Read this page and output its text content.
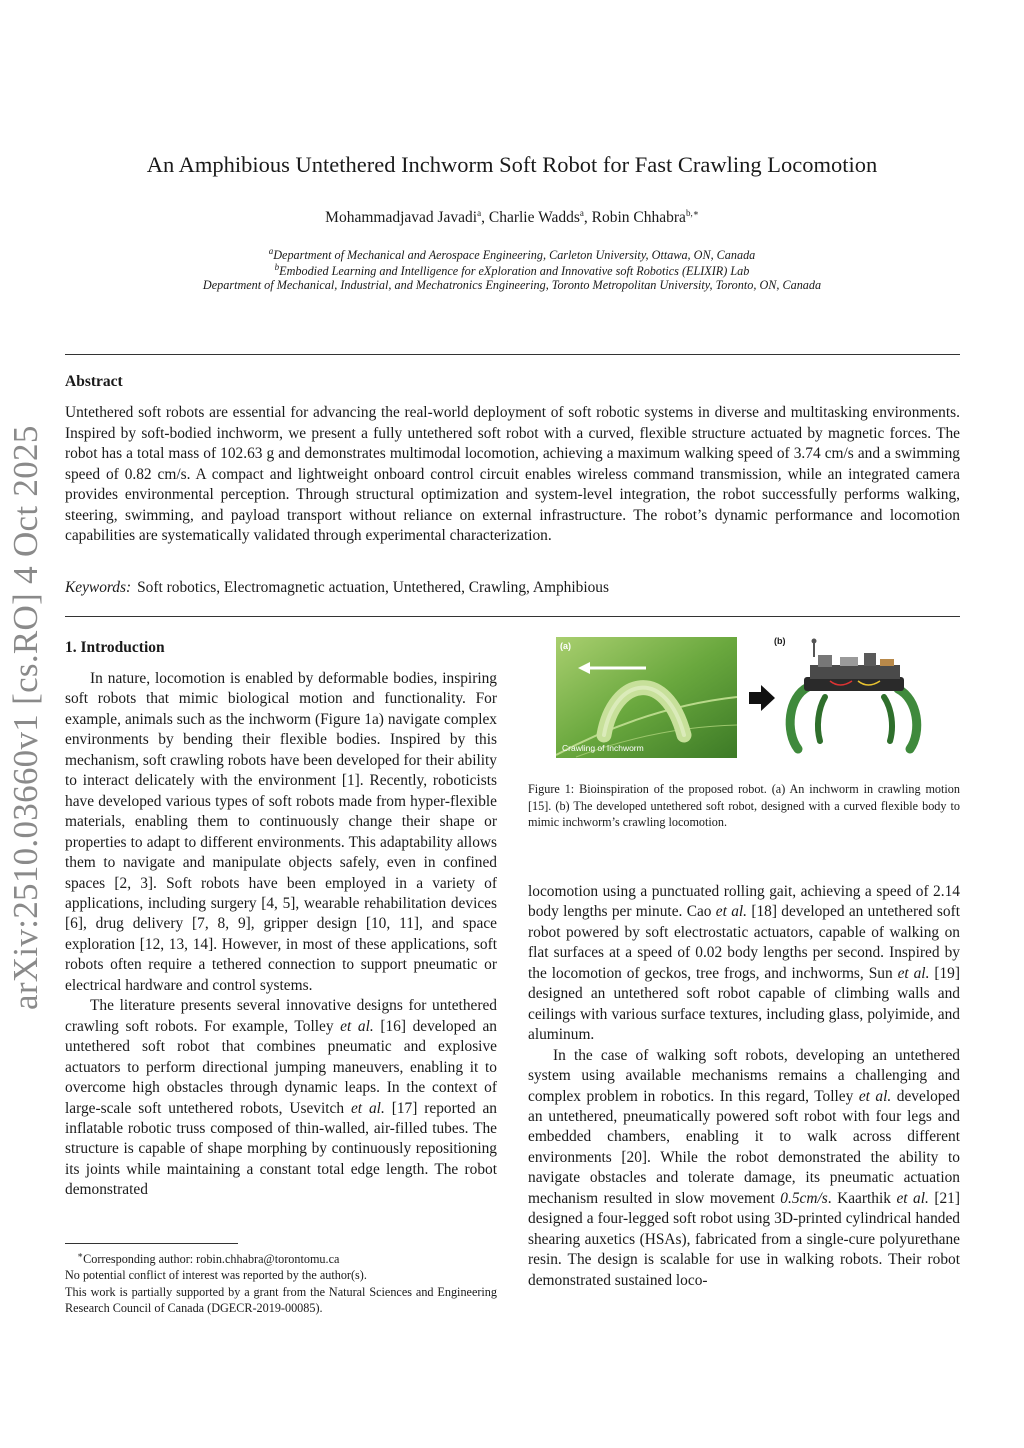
arXiv:2510.03660v1 [cs.RO] 4 Oct 2025
An Amphibious Untethered Inchworm Soft Robot for Fast Crawling Locomotion
Mohammadjavad Javadi$^a$, Charlie Wadds$^a$, Robin Chhabra$^{b,∗}$
$^a$Department of Mechanical and Aerospace Engineering, Carleton University, Ottawa, ON, Canada
$^b$Embodied Learning and Intelligence for eXploration and Innovative soft Robotics (ELIXIR) Lab
Department of Mechanical, Industrial, and Mechatronics Engineering, Toronto Metropolitan University, Toronto, ON, Canada
Abstract

Untethered soft robots are essential for advancing the real-world deployment of soft robotic systems in diverse and multitasking environments. Inspired by soft-bodied inchworm, we present a fully untethered soft robot with a curved, flexible structure actuated by magnetic forces. The robot has a total mass of 102.63 g and demonstrates multimodal locomotion, achieving a maximum walking speed of 3.74 cm/s and a swimming speed of 0.82 cm/s. A compact and lightweight onboard control circuit enables wireless command transmission, while an integrated camera provides environmental perception. Through structural optimization and system-level integration, the robot successfully performs walking, steering, swimming, and payload transport without reliance on external infrastructure. The robot’s dynamic performance and locomotion capabilities are systematically validated through experimental characterization.

Keywords: Soft robotics, Electromagnetic actuation, Untethered, Crawling, Amphibious
1. Introduction

In nature, locomotion is enabled by deformable bodies, inspiring soft robots that mimic biological motion and functionality. For example, animals such as the inchworm (Figure 1a) navigate complex environments by bending their flexible bodies. Inspired by this mechanism, soft crawling robots have been developed for their ability to interact delicately with the environment [1]. Recently, roboticists have developed various types of soft robots made from hyper-flexible materials, enabling them to continuously change their shape or properties to adapt to different environments. This adaptability allows them to navigate and manipulate objects safely, even in confined spaces [2, 3]. Soft robots have been employed in a variety of applications, including surgery [4, 5], wearable rehabilitation devices [6], drug delivery [7, 8, 9], gripper design [10, 11], and space exploration [12, 13, 14]. However, in most of these applications, soft robots often require a tethered connection to support pneumatic or electrical hardware and control systems.

The literature presents several innovative designs for untethered crawling soft robots. For example, Tolley et al. [16] developed an untethered soft robot that combines pneumatic and explosive actuators to perform directional jumping maneuvers, enabling it to overcome high obstacles through dynamic leaps. In the context of large-scale soft untethered robots, Usevitch et al. [17] reported an inflatable robotic truss composed of thin-walled, air-filled tubes. The structure is capable of shape morphing by continuously repositioning its joints while maintaining a constant total edge length. The robot demonstrated

(a)
Crawling of Inchworm
(b)
Figure 1: Bioinspiration of the proposed robot. (a) An inchworm in crawling motion [15]. (b) The developed untethered soft robot, designed with a curved flexible body to mimic inchworm’s crawling locomotion.

locomotion using a punctuated rolling gait, achieving a speed of 2.14 body lengths per minute. Cao et al. [18] developed an untethered soft robot powered by soft electrostatic actuators, capable of walking on flat surfaces at a speed of 0.02 body lengths per second. Inspired by the locomotion of geckos, tree frogs, and inchworms, Sun et al. [19] designed an untethered soft robot capable of climbing walls and ceilings with various surface textures, including glass, polyimide, and aluminum.

In the case of walking soft robots, developing an untethered system using available mechanisms remains a challenging and complex problem in robotics. In this regard, Tolley et al. developed an untethered, pneumatically powered soft robot with four legs and embedded chambers, enabling it to walk across different environments [20]. While the robot demonstrated the ability to navigate obstacles and tolerate damage, its pneumatic actuation mechanism resulted in slow movement 0.5cm/s. Kaarthik et al. [21] designed a four-legged soft robot using 3D-printed cylindrical handed shearing auxetics (HSAs), fabricated from a single-cure polyurethane resin. The design is scalable for use in walking robots. Their robot demonstrated sustained loco-

∗Corresponding author: robin.chhabra@torontomu.ca
No potential conflict of interest was reported by the author(s).
This work is partially supported by a grant from the Natural Sciences and Engineering Research Council of Canada (DGECR-2019-00085).
